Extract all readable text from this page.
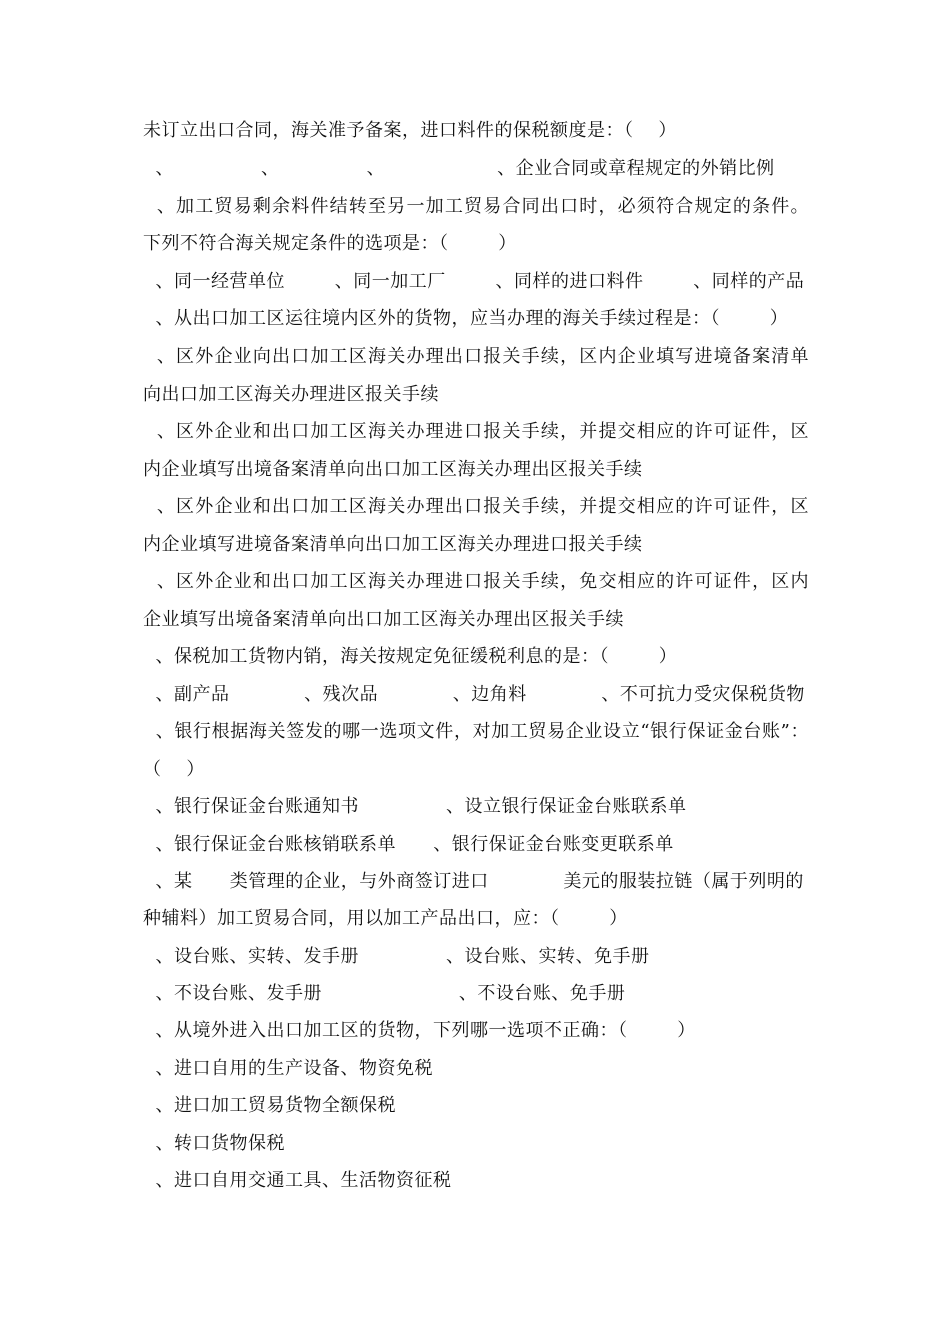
未订立出口合同，海关准予备案，进口料件的保税额度是：（    ）
、              、              、                  、企业合同或章程规定的外销比例
、加工贸易剩余料件结转至另一加工贸易合同出口时，必须符合规定的条件。
下列不符合海关规定条件的选项是：（        ）
、同一经营单位        、同一加工厂        、同样的进口料件        、同样的产品
、从出口加工区运往境内区外的货物，应当办理的海关手续过程是：（        ）
、区外企业向出口加工区海关办理出口报关手续，区内企业填写进境备案清单
向出口加工区海关办理进区报关手续
、区外企业和出口加工区海关办理进口报关手续，并提交相应的许可证件，区
内企业填写出境备案清单向出口加工区海关办理出区报关手续
、区外企业和出口加工区海关办理出口报关手续，并提交相应的许可证件，区
内企业填写进境备案清单向出口加工区海关办理进口报关手续
、区外企业和出口加工区海关办理进口报关手续，免交相应的许可证件，区内
企业填写出境备案清单向出口加工区海关办理出区报关手续
、保税加工货物内销，海关按规定免征缓税利息的是：（        ）
、副产品            、残次品            、边角料            、不可抗力受灾保税货物
、银行根据海关签发的哪一选项文件，对加工贸易企业设立“银行保证金台账”：
（    ）
、银行保证金台账通知书              、设立银行保证金台账联系单
、银行保证金台账核销联系单      、银行保证金台账变更联系单
、某      类管理的企业，与外商签订进口            美元的服装拉链（属于列明的
种辅料）加工贸易合同，用以加工产品出口，应：（        ）
、设台账、实转、发手册              、设台账、实转、免手册
、不设台账、发手册                      、不设台账、免手册
、从境外进入出口加工区的货物，下列哪一选项不正确：（        ）
、进口自用的生产设备、物资免税
、进口加工贸易货物全额保税
、转口货物保税
、进口自用交通工具、生活物资征税
